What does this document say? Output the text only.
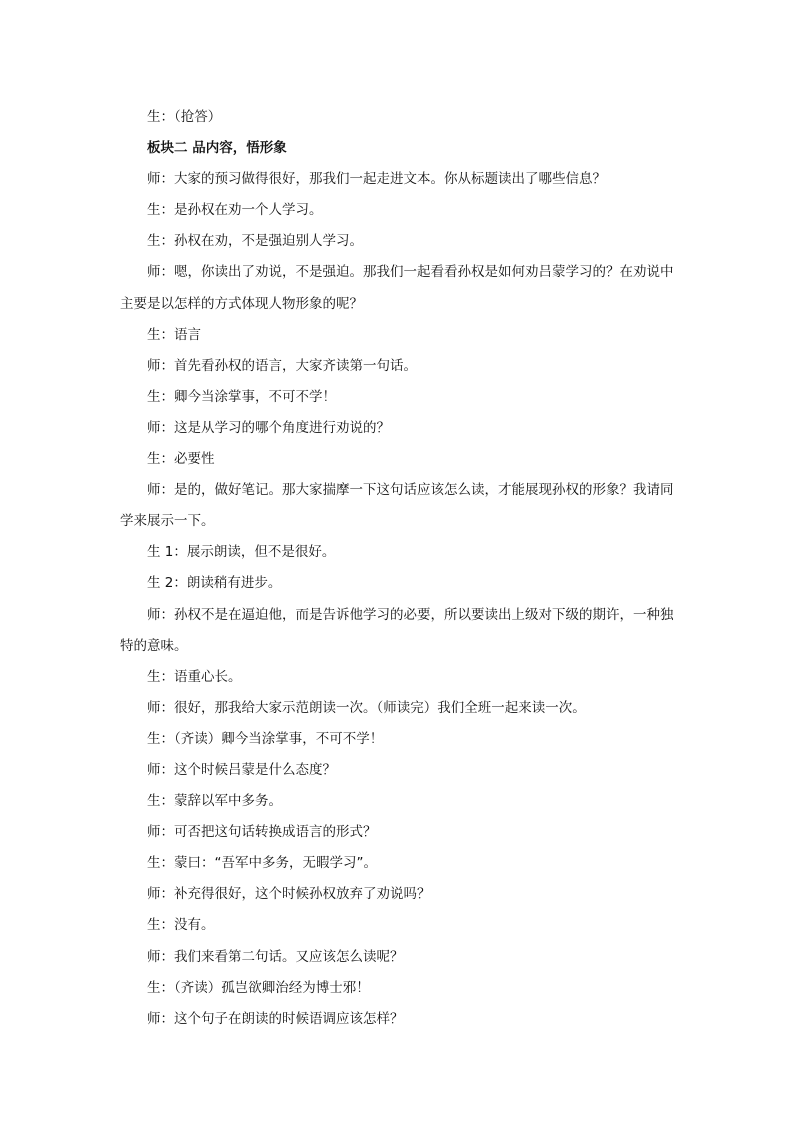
生：（抢答）

板块二 品内容，悟形象

师：大家的预习做得很好，那我们一起走进文本。你从标题读出了哪些信息？

生：是孙权在劝一个人学习。

生：孙权在劝，不是强迫别人学习。

师：嗯，你读出了劝说，不是强迫。那我们一起看看孙权是如何劝吕蒙学习的？在劝说中主要是以怎样的方式体现人物形象的呢？

生：语言

师：首先看孙权的语言，大家齐读第一句话。

生：卿今当涂掌事，不可不学！

师：这是从学习的哪个角度进行劝说的？

生：必要性

师：是的，做好笔记。那大家揣摩一下这句话应该怎么读，才能展现孙权的形象？我请同学来展示一下。

生 1：展示朗读，但不是很好。

生 2：朗读稍有进步。

师：孙权不是在逼迫他，而是告诉他学习的必要，所以要读出上级对下级的期许，一种独特的意味。

生：语重心长。

师：很好，那我给大家示范朗读一次。（师读完）我们全班一起来读一次。

生：（齐读）卿今当涂掌事，不可不学！

师：这个时候吕蒙是什么态度？

生：蒙辞以军中多务。

师：可否把这句话转换成语言的形式？

生：蒙曰：“吾军中多务，无暇学习”。

师：补充得很好，这个时候孙权放弃了劝说吗？

生：没有。

师：我们来看第二句话。又应该怎么读呢？

生：（齐读）孤岂欲卿治经为博士邪！

师：这个句子在朗读的时候语调应该怎样？
